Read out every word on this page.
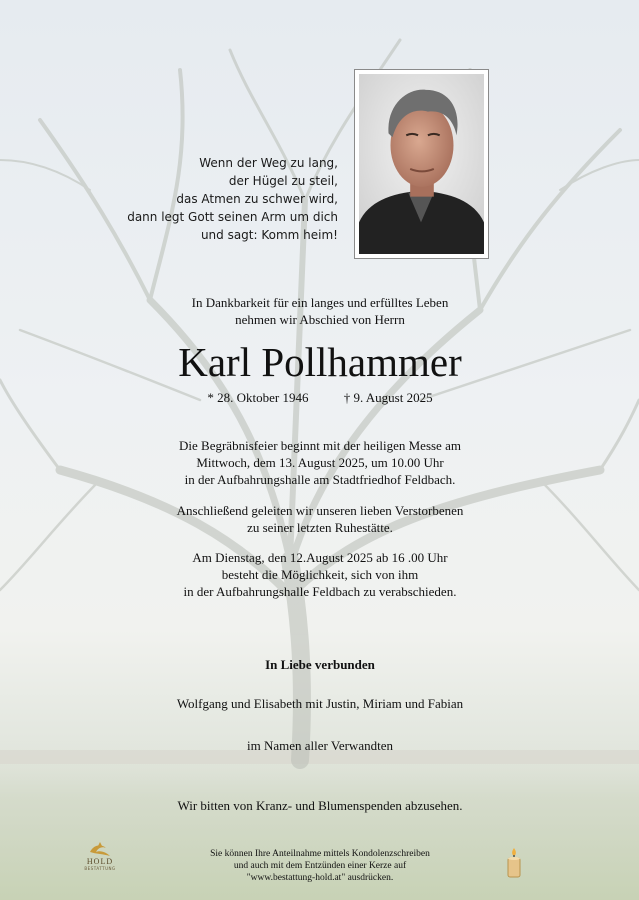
Wenn der Weg zu lang,
der Hügel zu steil,
das Atmen zu schwer wird,
dann legt Gott seinen Arm um dich
und sagt: Komm heim!
In Dankbarkeit für ein langes und erfülltes Leben
nehmen wir Abschied von Herrn
Karl Pollhammer
* 28. Oktober 1946	† 9. August 2025
Die Begräbnisfeier beginnt mit der heiligen Messe am
Mittwoch, dem 13. August 2025, um 10.00 Uhr
in der Aufbahrungshalle am Stadtfriedhof Feldbach.
Anschließend geleiten wir unseren lieben Verstorbenen
zu seiner letzten Ruhestätte.
Am Dienstag, den 12.August 2025 ab 16 .00 Uhr
besteht die Möglichkeit, sich von ihm
in der Aufbahrungshalle Feldbach zu verabschieden.
In Liebe verbunden
Wolfgang und Elisabeth mit Justin, Miriam und Fabian
im Namen aller Verwandten
Wir bitten von Kranz- und Blumenspenden abzusehen.
HOLD
BESTATTUNG
Sie können Ihre Anteilnahme mittels Kondolenzschreiben
und auch mit dem Entzünden einer Kerze auf
"www.bestattung-hold.at" ausdrücken.
